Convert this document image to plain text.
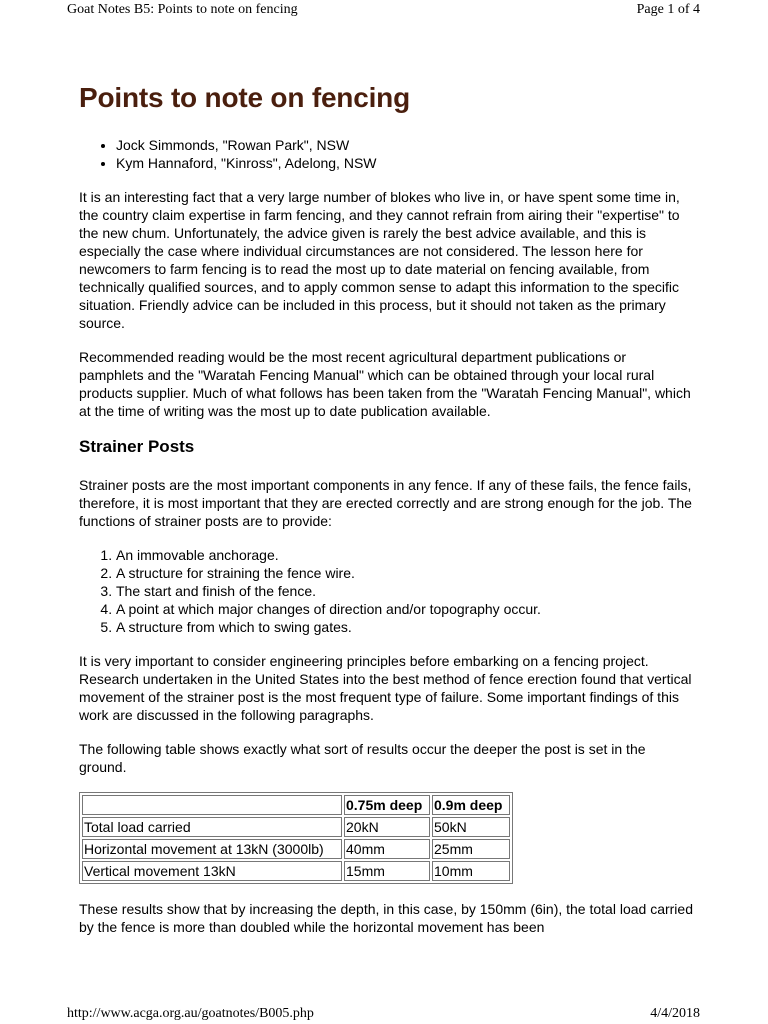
Goat Notes B5: Points to note on fencing	Page 1 of 4
Points to note on fencing
• Jock Simmonds, "Rowan Park", NSW
• Kym Hannaford, "Kinross", Adelong, NSW

It is an interesting fact that a very large number of blokes who live in, or have spent some time in, the country claim expertise in farm fencing, and they cannot refrain from airing their "expertise" to the new chum. Unfortunately, the advice given is rarely the best advice available, and this is especially the case where individual circumstances are not considered. The lesson here for newcomers to farm fencing is to read the most up to date material on fencing available, from technically qualified sources, and to apply common sense to adapt this information to the specific situation. Friendly advice can be included in this process, but it should not taken as the primary source.

Recommended reading would be the most recent agricultural department publications or pamphlets and the "Waratah Fencing Manual" which can be obtained through your local rural products supplier. Much of what follows has been taken from the "Waratah Fencing Manual", which at the time of writing was the most up to date publication available.

Strainer Posts

Strainer posts are the most important components in any fence. If any of these fails, the fence fails, therefore, it is most important that they are erected correctly and are strong enough for the job. The functions of strainer posts are to provide:

1. An immovable anchorage.
2. A structure for straining the fence wire.
3. The start and finish of the fence.
4. A point at which major changes of direction and/or topography occur.
5. A structure from which to swing gates.

It is very important to consider engineering principles before embarking on a fencing project. Research undertaken in the United States into the best method of fence erection found that vertical movement of the strainer post is the most frequent type of failure. Some important findings of this work are discussed in the following paragraphs.

The following table shows exactly what sort of results occur the deeper the post is set in the ground.

	0.75m deep	0.9m deep
Total load carried	20kN	50kN
Horizontal movement at 13kN (3000lb)	40mm	25mm
Vertical movement 13kN	15mm	10mm

These results show that by increasing the depth, in this case, by 150mm (6in), the total load carried by the fence is more than doubled while the horizontal movement has been

http://www.acga.org.au/goatnotes/B005.php	4/4/2018
